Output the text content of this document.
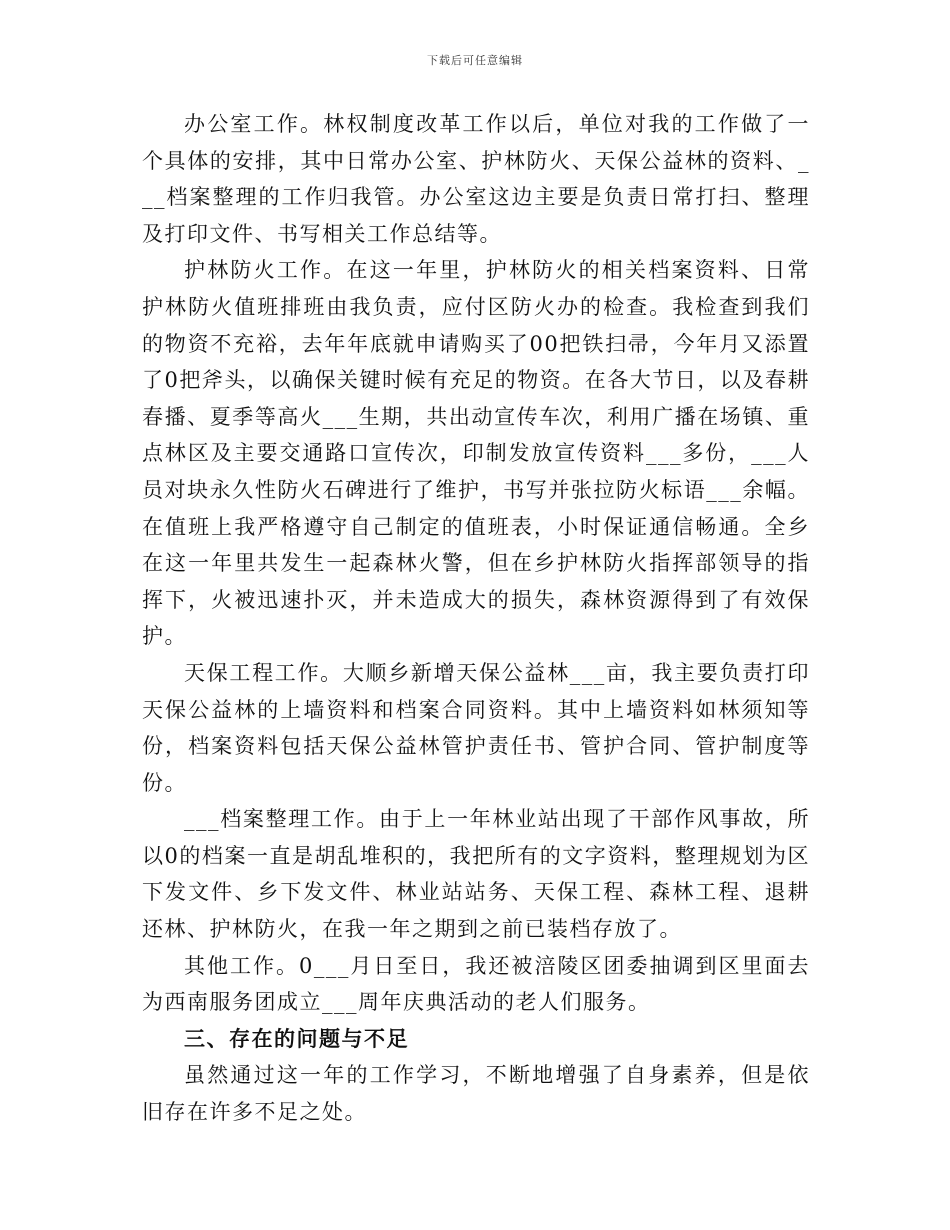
下载后可任意编辑

办公室工作。林权制度改革工作以后，单位对我的工作做了一个具体的安排，其中日常办公室、护林防火、天保公益林的资料、___档案整理的工作归我管。办公室这边主要是负责日常打扫、整理及打印文件、书写相关工作总结等。

护林防火工作。在这一年里，护林防火的相关档案资料、日常护林防火值班排班由我负责，应付区防火办的检查。我检查到我们的物资不充裕，去年年底就申请购买了00把铁扫帚，今年月又添置了0把斧头，以确保关键时候有充足的物资。在各大节日，以及春耕春播、夏季等高火___生期，共出动宣传车次，利用广播在场镇、重点林区及主要交通路口宣传次，印制发放宣传资料___多份，___人员对块永久性防火石碑进行了维护，书写并张拉防火标语___余幅。在值班上我严格遵守自己制定的值班表，小时保证通信畅通。全乡在这一年里共发生一起森林火警，但在乡护林防火指挥部领导的指挥下，火被迅速扑灭，并未造成大的损失，森林资源得到了有效保护。

天保工程工作。大顺乡新增天保公益林___亩，我主要负责打印天保公益林的上墙资料和档案合同资料。其中上墙资料如林须知等份，档案资料包括天保公益林管护责任书、管护合同、管护制度等份。

___档案整理工作。由于上一年林业站出现了干部作风事故，所以0的档案一直是胡乱堆积的，我把所有的文字资料，整理规划为区下发文件、乡下发文件、林业站站务、天保工程、森林工程、退耕还林、护林防火，在我一年之期到之前已装档存放了。

其他工作。0___月日至日，我还被涪陵区团委抽调到区里面去为西南服务团成立___周年庆典活动的老人们服务。

三、存在的问题与不足

虽然通过这一年的工作学习，不断地增强了自身素养，但是依旧存在许多不足之处。
